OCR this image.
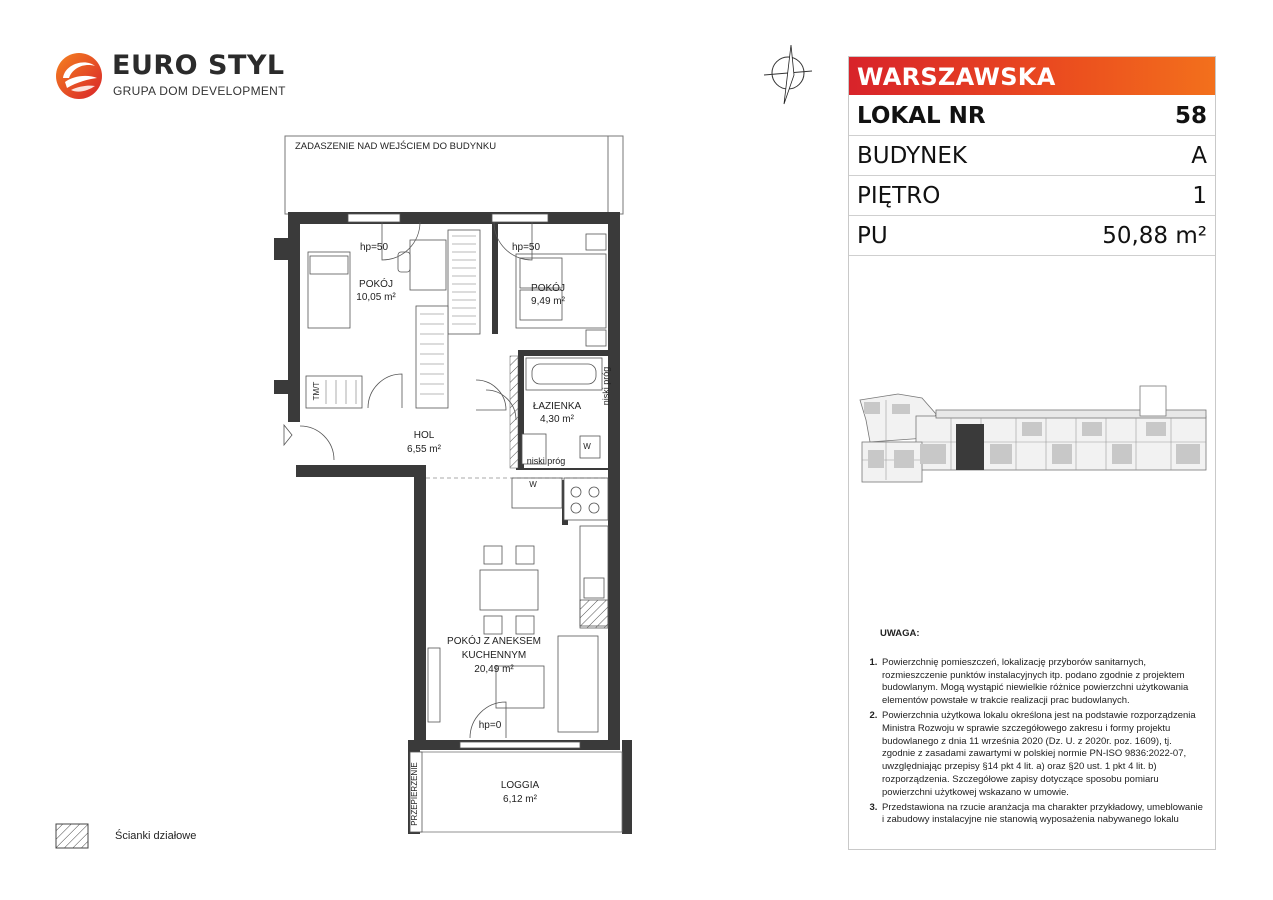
EURO STYL
GRUPA DOM DEVELOPMENT	WARSZAWSKA
LOKAL NR	58
BUDYNEK	A
PIĘTRO	1
PU	50,88 m²
UWAGA:
1. Powierzchnię pomieszczeń, lokalizację przyborów sanitarnych, rozmieszczenie punktów instalacyjnych itp. podano zgodnie z projektem budowlanym. Mogą wystąpić niewielkie różnice powierzchni użytkowania elementów powstałe w trakcie realizacji prac budowlanych.
2. Powierzchnia użytkowa lokalu określona jest na podstawie rozporządzenia Ministra Rozwoju w sprawie szczegółowego zakresu i formy projektu budowlanego z dnia 11 września 2020 (Dz. U. z 2020r. poz. 1609), tj. zgodnie z zasadami zawartymi w polskiej normie PN-ISO 9836:2022-07, uwzględniając przepisy §14 pkt 4 lit. a) oraz §20 ust. 1 pkt 4 lit. b) rozporządzenia. Szczegółowe zapisy dotyczące sposobu pomiaru powierzchni użytkowej wskazano w umowie.
3. Przedstawiona na rzucie aranżacja ma charakter przykładowy, umeblowanie i zabudowy instalacyjne nie stanowią wyposażenia nabywanego lokalu
ZADASZENIE NAD WEJŚCIEM DO BUDYNKU
hp=50
POKÓJ
10,05 m²
hp=50
POKÓJ
9,49 m²
ŁAZIENKA
4,30 m²
niski próg
niski próg
W
W
HOL
6,55 m²
TM/T
POKÓJ Z ANEKSEM
KUCHENNYM
20,49 m²
hp=0
LOGGIA
6,12 m²
PRZEPIERZENIE
Ścianki działowe
